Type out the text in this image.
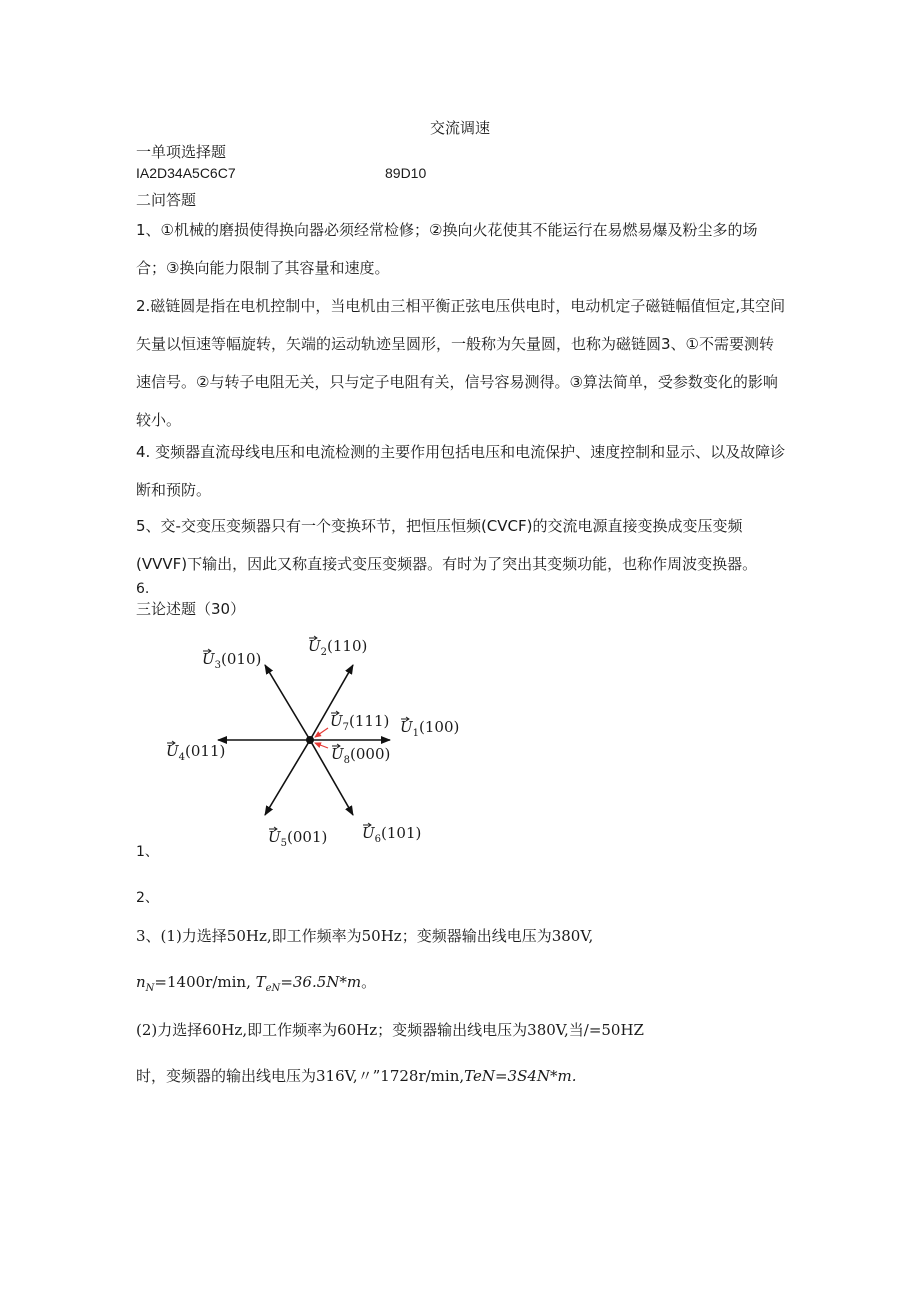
交流调速
一单项选择题
IA2D34A5C6C7	89D10
二问答题
1、①机械的磨损使得换向器必须经常检修；②换向火花使其不能运行在易燃易爆及粉尘多的场合；③换向能力限制了其容量和速度。
2.磁链圆是指在电机控制中，当电机由三相平衡正弦电压供电时，电动机定子磁链幅值恒定,其空间矢量以恒速等幅旋转，矢端的运动轨迹呈圆形，一般称为矢量圆，也称为磁链圆3、①不需要测转速信号。②与转子电阻无关，只与定子电阻有关，信号容易测得。③算法简单，受参数变化的影响较小。
4. 变频器直流母线电压和电流检测的主要作用包括电压和电流保护、速度控制和显示、以及故障诊断和预防。
5、交-交变压变频器只有一个变换环节，把恒压恒频(CVCF)的交流电源直接变换成变压变频(VVVF)下输出，因此又称直接式变压变频器。有时为了突出其变频功能，也称作周波变换器。
6.
三论述题（30）
$U_1(100)$
$U_2(110)$
$U_3(010)$
$U_4(011)$
$U_5(001)$ $U_6(101)$
$U_7(111)$
$U_8(000)$
1、
2、
3、(1)力选择50Hz,即工作频率为50Hz；变频器输出线电压为380V,
$n_N=1400r/\min$, $T_{eN}=36.5N*m$。
(2)力选择60Hz,即工作频率为60Hz；变频器输出线电压为380V,当/=50HZ
时，变频器的输出线电压为316V,〃”1728r/min,TeN=3S4N*m.
